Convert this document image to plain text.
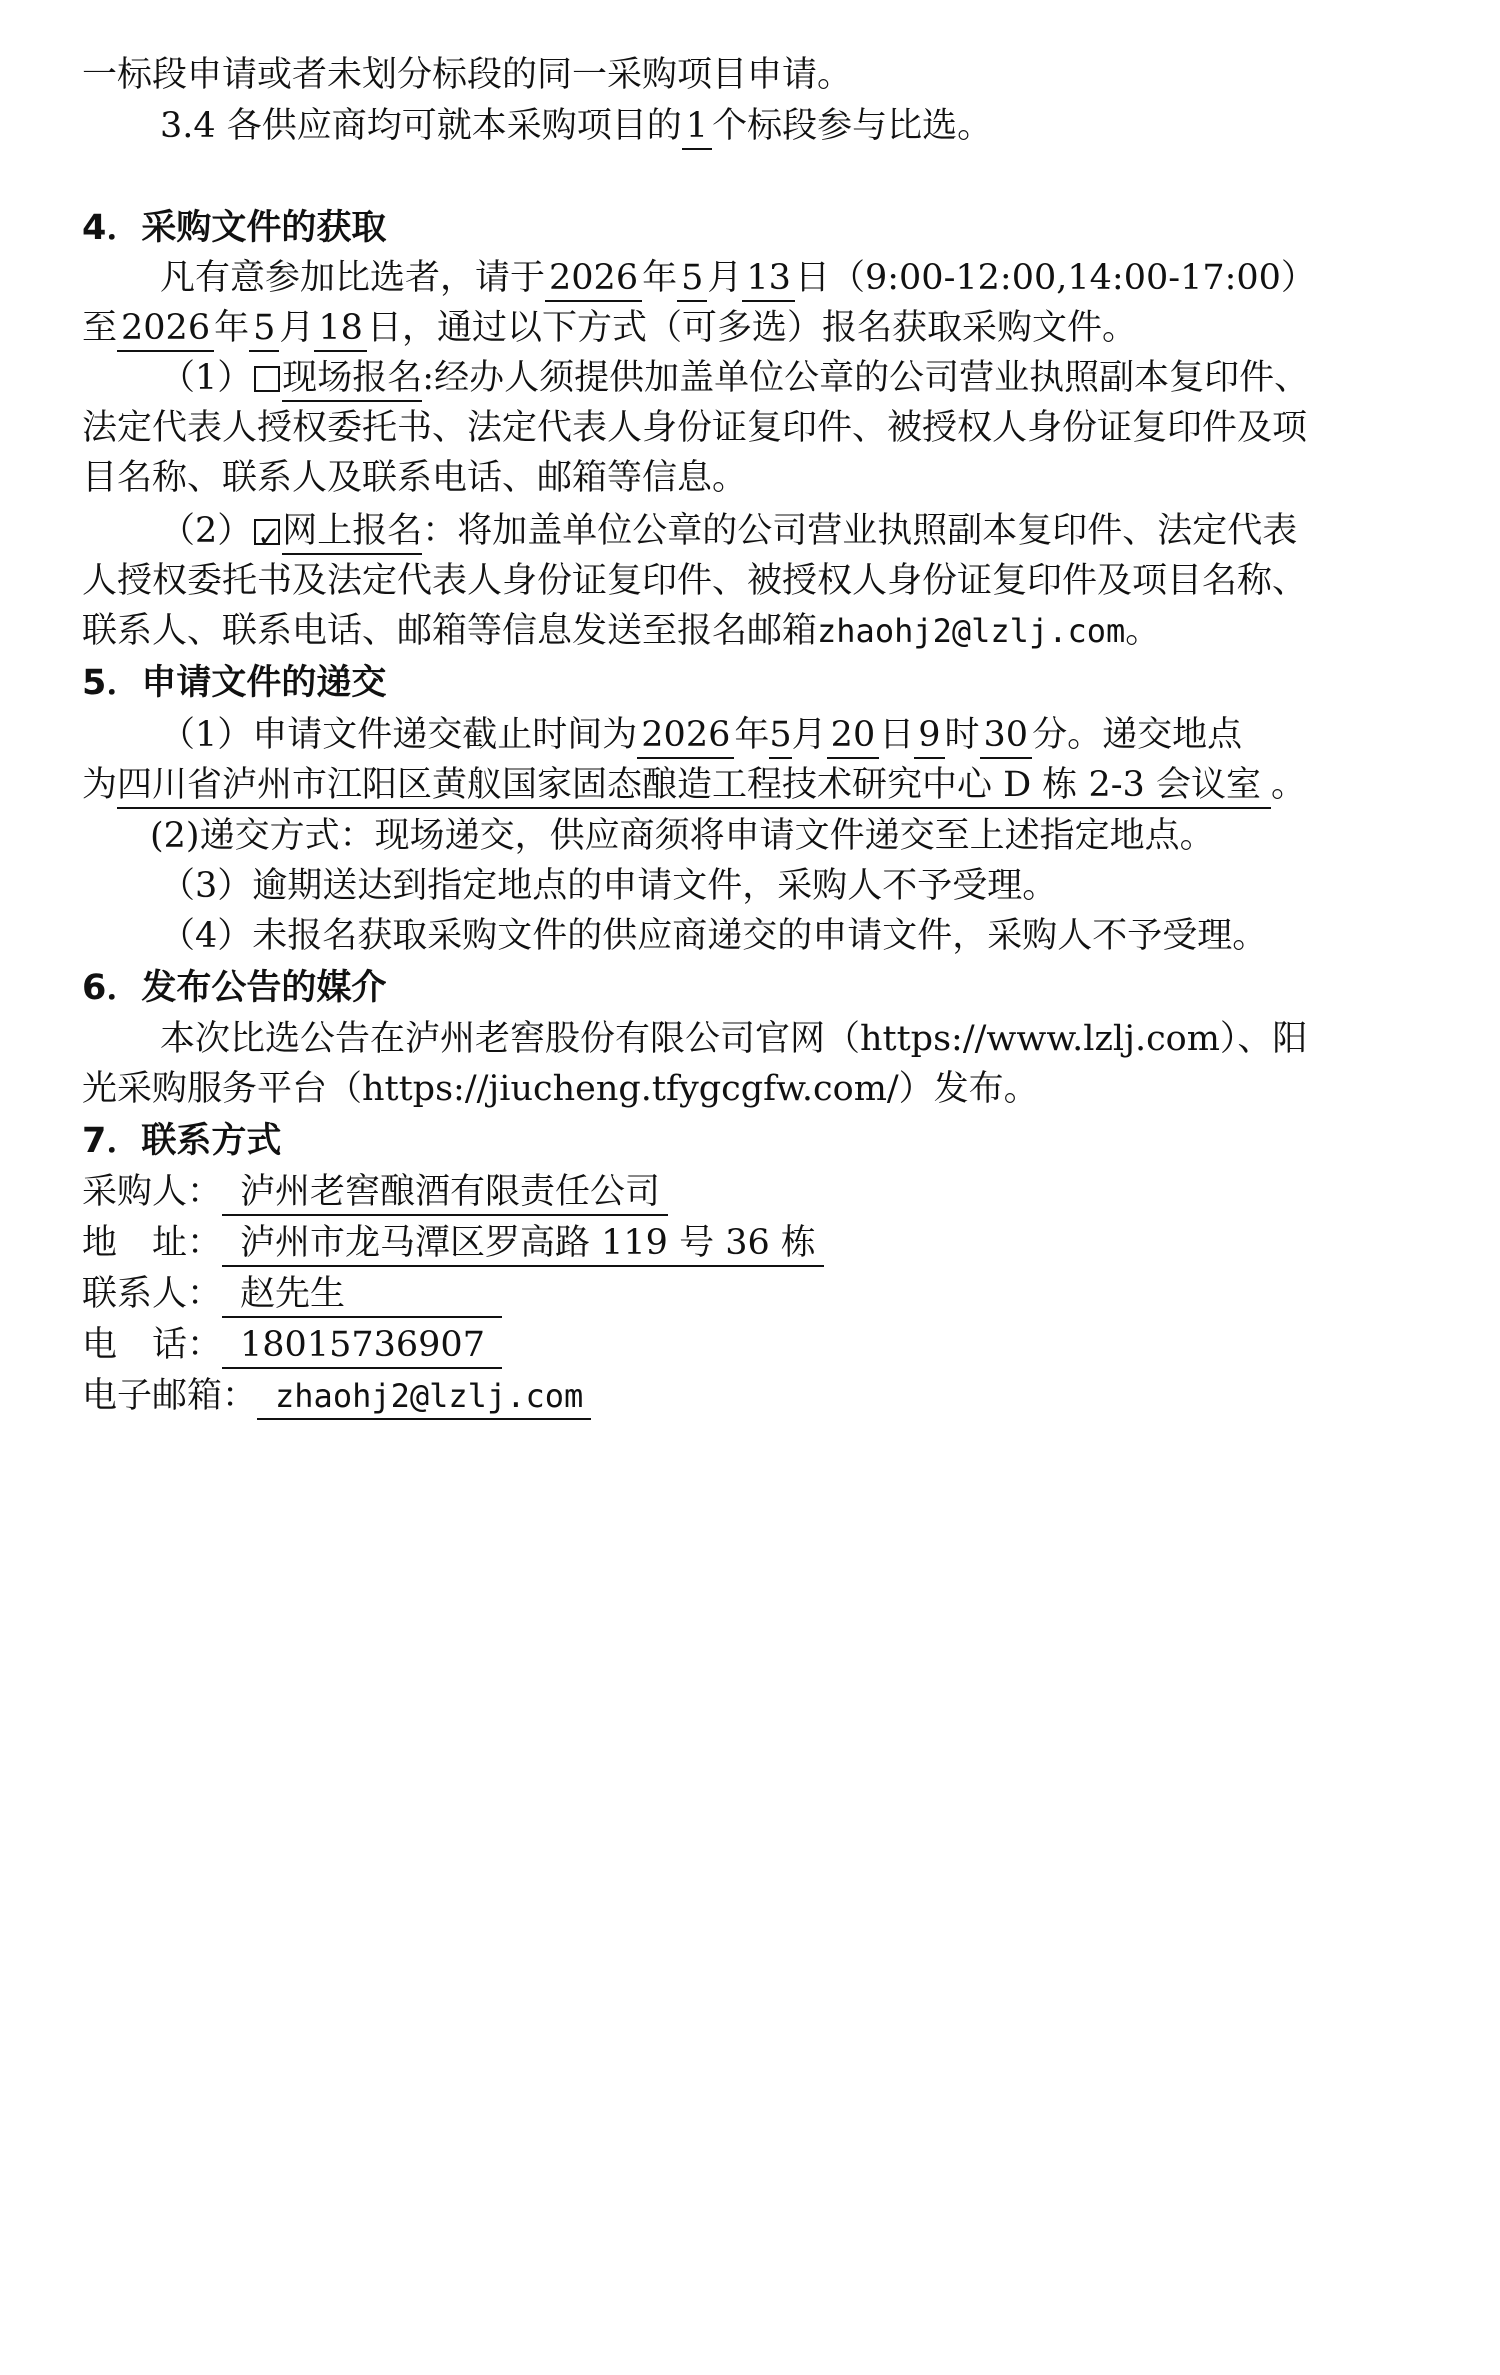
一标段申请或者未划分标段的同一采购项目申请。
3.4 各供应商均可就本采购项目的 1 个标段参与比选。
4．采购文件的获取
凡有意参加比选者，请于 2026 年 5 月 13 日（9:00-12:00,14:00-17:00）
至 2026 年 5 月 18 日，通过以下方式（可多选）报名获取采购文件。
（1） 现场报名:经办人须提供加盖单位公章的公司营业执照副本复印件、
法定代表人授权委托书、法定代表人身份证复印件、被授权人身份证复印件及项
目名称、联系人及联系电话、邮箱等信息。
（2）✓ 网上报名：将加盖单位公章的公司营业执照副本复印件、法定代表
人授权委托书及法定代表人身份证复印件、被授权人身份证复印件及项目名称、
联系人、联系电话、邮箱等信息发送至报名邮箱zhaohj2@lzlj.com。
5．申请文件的递交
（1）申请文件递交截止时间为 2026 年5月 20 日 9 时 30 分。递交地点
为四川省泸州市江阳区黄舣国家固态酿造工程技术研究中心 D 栋 2-3 会议室 。
(2)递交方式：现场递交，供应商须将申请文件递交至上述指定地点。
（3）逾期送达到指定地点的申请文件，采购人不予受理。
（4）未报名获取采购文件的供应商递交的申请文件，采购人不予受理。
6．发布公告的媒介
本次比选公告在泸州老窖股份有限公司官网（https://www.lzlj.com）、阳
光采购服务平台（https://jiucheng.tfygcgfw.com/）发布。
7．联系方式
采购人： 泸州老窖酿酒有限责任公司
地　址： 泸州市龙马潭区罗高路 119 号 36 栋
联系人： 赵先生
电　话： 18015736907
电子邮箱： zhaohj2@lzlj.com
